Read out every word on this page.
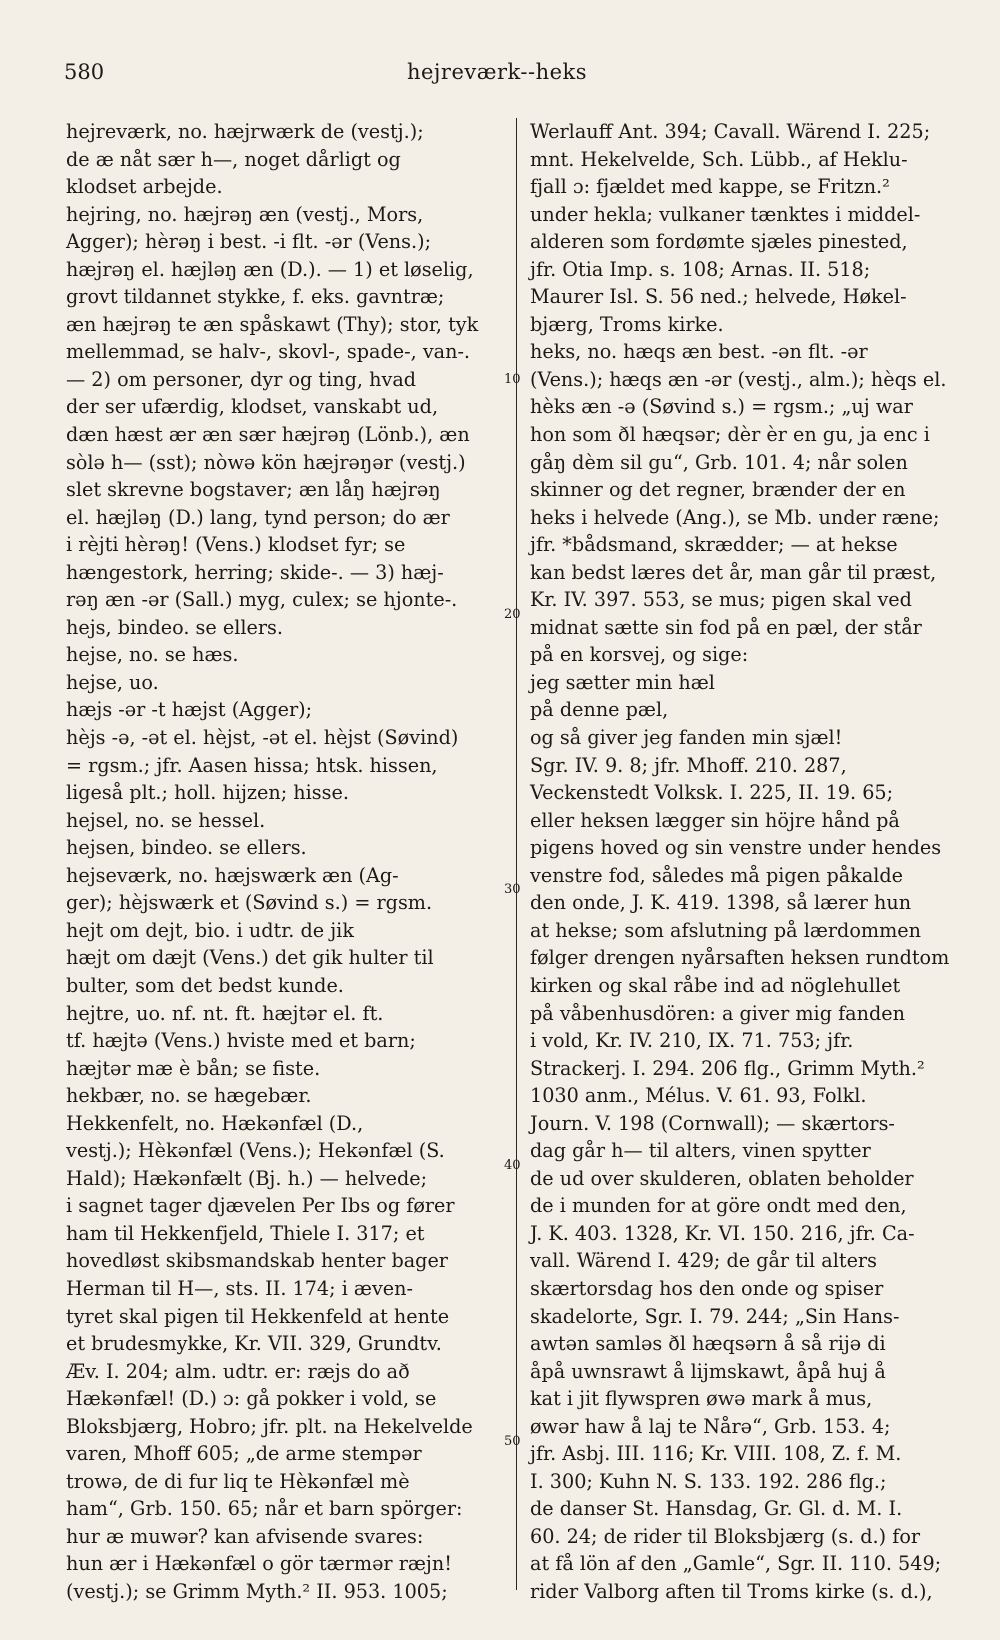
580	hejreværk--heks
hejreværk, no. hæjrwærk de (vestj.);
de æ nåt sær h—, noget dårligt og
klodset arbejde.
hejring, no. hæjrəŋ æn (vestj., Mors,
Agger); hèrəŋ i best. -i flt. -ər (Vens.);
hæjrəŋ el. hæjləŋ æn (D.). — 1) et løselig,
grovt tildannet stykke, f. eks. gavntræ;
æn hæjrəŋ te æn spåskawt (Thy); stor, tyk
mellemmad, se halv-, skovl-, spade-, van-.
— 2) om personer, dyr og ting, hvad
der ser ufærdig, klodset, vanskabt ud,
dæn hæst ær æn sær hæjrəŋ (Lönb.), æn
sòlə h— (sst); nòwə kön hæjrəŋər (vestj.)
slet skrevne bogstaver; æn låŋ hæjrəŋ
el. hæjləŋ (D.) lang, tynd person; do ær
i rèjti hèrəŋ! (Vens.) klodset fyr; se
hængestork, herring; skide-. — 3) hæj-
rəŋ æn -ər (Sall.) myg, culex; se hjonte-.
hejs, bindeo. se ellers.
hejse, no. se hæs.
hejse, uo.
hæjs -ər -t hæjst (Agger);
hèjs -ə, -ət el. hèjst, -ət el. hèjst (Søvind)
= rgsm.; jfr. Aasen hissa; htsk. hissen,
ligeså plt.; holl. hijzen; hisse.
hejsel, no. se hessel.
hejsen, bindeo. se ellers.
hejseværk, no. hæjswærk æn (Ag-
ger); hèjswærk et (Søvind s.) = rgsm.
hejt om dejt, bio. i udtr. de jik
hæjt om dæjt (Vens.) det gik hulter til
bulter, som det bedst kunde.
hejtre, uo. nf. nt. ft. hæjtər el. ft.
tf. hæjtə (Vens.) hviste med et barn;
hæjtər mæ è bån; se fiste.
hekbær, no. se hægebær.
Hekkenfelt, no. Hækənfæl (D.,
vestj.); Hèkənfæl (Vens.); Hekənfæl (S.
Hald); Hækənfælt (Bj. h.) — helvede;
i sagnet tager djævelen Per Ibs og fører
ham til Hekkenfjeld, Thiele I. 317; et
hovedløst skibsmandskab henter bager
Herman til H—, sts. II. 174; i æven-
tyret skal pigen til Hekkenfeld at hente
et brudesmykke, Kr. VII. 329, Grundtv.
Æv. I. 204; alm. udtr. er: ræjs do að
Hækənfæl! (D.) ɔ: gå pokker i vold, se
Bloksbjærg, Hobro; jfr. plt. na Hekelvelde
varen, Mhoff 605; „de arme stempər
trowə, de di fur liq te Hèkənfæl mè
ham“, Grb. 150. 65; når et barn spörger:
hur æ muwər? kan afvisende svares:
hun ær i Hækənfæl o gör tærmər ræjn!
(vestj.); se Grimm Myth.² II. 953. 1005;
Werlauff Ant. 394; Cavall. Wärend I. 225;
mnt. Hekelvelde, Sch. Lübb., af Heklu-
fjall ɔ: fjældet med kappe, se Fritzn.²
under hekla; vulkaner tænktes i middel-
alderen som fordømte sjæles pinested,
jfr. Otia Imp. s. 108; Arnas. II. 518;
Maurer Isl. S. 56 ned.; helvede, Høkel-
bjærg, Troms kirke.
heks, no. hæqs æn best. -ən flt. -ər
(Vens.); hæqs æn -ər (vestj., alm.); hèqs el.
hèks æn -ə (Søvind s.) = rgsm.; „uj war
hon som ðl hæqsər; dèr èr en gu, ja enc i
gåŋ dèm sil gu“, Grb. 101. 4; når solen
skinner og det regner, brænder der en
heks i helvede (Ang.), se Mb. under ræne;
jfr. *bådsmand, skrædder; — at hekse
kan bedst læres det år, man går til præst,
Kr. IV. 397. 553, se mus; pigen skal ved
midnat sætte sin fod på en pæl, der står
på en korsvej, og sige:
jeg sætter min hæl
på denne pæl,
og så giver jeg fanden min sjæl!
Sgr. IV. 9. 8; jfr. Mhoff. 210. 287,
Veckenstedt Volksk. I. 225, II. 19. 65;
eller heksen lægger sin höjre hånd på
pigens hoved og sin venstre under hendes
venstre fod, således må pigen påkalde
den onde, J. K. 419. 1398, så lærer hun
at hekse; som afslutning på lærdommen
følger drengen nyårsaften heksen rundtom
kirken og skal råbe ind ad nöglehullet
på våbenhusdören: a giver mig fanden
i vold, Kr. IV. 210, IX. 71. 753; jfr.
Strackerj. I. 294. 206 flg., Grimm Myth.²
1030 anm., Mélus. V. 61. 93, Folkl.
Journ. V. 198 (Cornwall); — skærtors-
dag går h— til alters, vinen spytter
de ud over skulderen, oblaten beholder
de i munden for at göre ondt med den,
J. K. 403. 1328, Kr. VI. 150. 216, jfr. Ca-
vall. Wärend I. 429; de går til alters
skærtorsdag hos den onde og spiser
skadelorte, Sgr. I. 79. 244; „Sin Hans-
awtən samləs ðl hæqsərn å så rijə di
åpå uwnsrawt å lijmskawt, åpå huj å
kat i jit flywspren øwə mark å mus,
øwər haw å laj te Nårə“, Grb. 153. 4;
jfr. Asbj. III. 116; Kr. VIII. 108, Z. f. M.
I. 300; Kuhn N. S. 133. 192. 286 flg.;
de danser St. Hansdag, Gr. Gl. d. M. I.
60. 24; de rider til Bloksbjærg (s. d.) for
at få lön af den „Gamle“, Sgr. II. 110. 549;
rider Valborg aften til Troms kirke (s. d.),
10
20
30
40
50
